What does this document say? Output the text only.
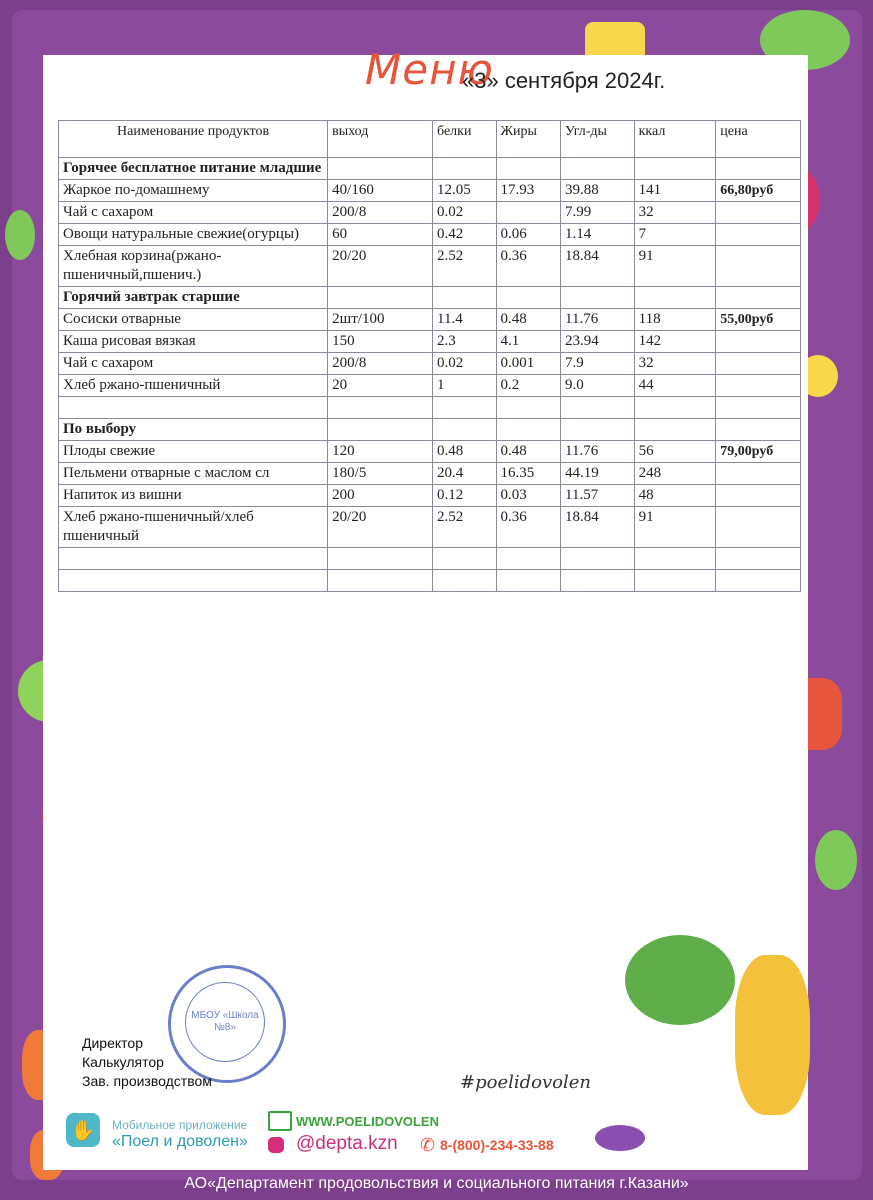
Меню
«3» сентября 2024г.
Наименование продуктов	выход	белки	Жиры	Угл-ды	ккал	цена
Горячее бесплатное питание младшие						
Жаркое по-домашнему	40/160	12.05	17.93	39.88	141	66,80руб
Чай с сахаром	200/8	0.02		7.99	32	
Овощи натуральные свежие(огурцы)	60	0.42	0.06	1.14	7	
Хлебная корзина(ржано-пшеничный,пшенич.)	20/20	2.52	0.36	18.84	91	
Горячий завтрак старшие						
Сосиски отварные	2шт/100	11.4	0.48	11.76	118	55,00руб
Каша рисовая вязкая	150	2.3	4.1	23.94	142	
Чай с сахаром	200/8	0.02	0.001	7.9	32	
Хлеб ржано-пшеничный	20	1	0.2	9.0	44	

По выбору						
Плоды свежие	120	0.48	0.48	11.76	56	79,00руб
Пельмени отварные с маслом сл	180/5	20.4	16.35	44.19	248	
Напиток из вишни	200	0.12	0.03	11.57	48	
Хлеб ржано-пшеничный/хлеб пшеничный	20/20	2.52	0.36	18.84	91	

МБОУ «Школа №8»
Директор
Калькулятор
Зав. производством	#poelidovolen
✋	Мобильное приложение
«Поел и доволен»
WWW.POELIDOVOLEN
@depta.kzn ✆ 8-(800)-234-33-88
АО«Департамент продовольствия и социального питания г.Казани»
